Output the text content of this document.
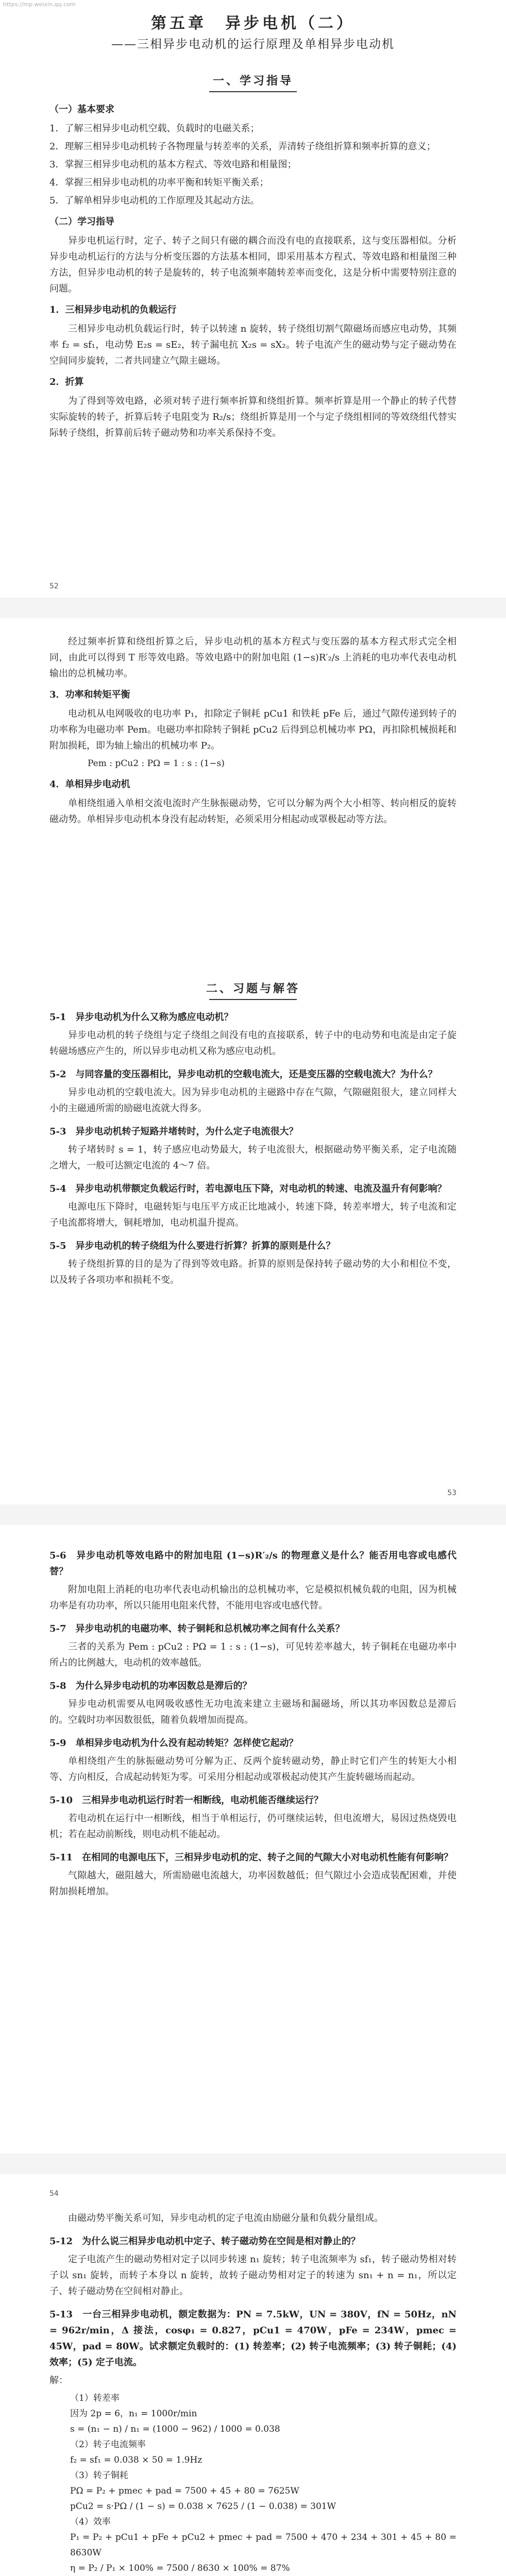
https://mp.weixin.qq.com
第五章　异步电机（二）
——三相异步电动机的运行原理及单相异步电动机
一、学习指导
（一）基本要求

1．了解三相异步电动机空载、负载时的电磁关系；

2．理解三相异步电动机转子各物理量与转差率的关系，弄清转子绕组折算和频率折算的意义；

3．掌握三相异步电动机的基本方程式、等效电路和相量图；

4．掌握三相异步电动机的功率平衡和转矩平衡关系；

5．了解单相异步电动机的工作原理及其起动方法。

（二）学习指导

异步电机运行时，定子、转子之间只有磁的耦合而没有电的直接联系，这与变压器相似。分析异步电动机运行的方法与分析变压器的方法基本相同，即采用基本方程式、等效电路和相量图三种方法，但异步电动机的转子是旋转的，转子电流频率随转差率而变化，这是分析中需要特别注意的问题。

1．三相异步电动机的负载运行

三相异步电动机负载运行时，转子以转速 n 旋转，转子绕组切割气隙磁场而感应电动势，其频率 f₂ = sf₁，电动势 E₂s = sE₂，转子漏电抗 X₂s = sX₂。转子电流产生的磁动势与定子磁动势在空间同步旋转，二者共同建立气隙主磁场。

2．折算

为了得到等效电路，必须对转子进行频率折算和绕组折算。频率折算是用一个静止的转子代替实际旋转的转子，折算后转子电阻变为 R₂/s；绕组折算是用一个与定子绕组相同的等效绕组代替实际转子绕组，折算前后转子磁动势和功率关系保持不变。

52

经过频率折算和绕组折算之后，异步电动机的基本方程式与变压器的基本方程式形式完全相同，由此可以得到 T 形等效电路。等效电路中的附加电阻 (1−s)R′₂/s 上消耗的电功率代表电动机输出的总机械功率。

3．功率和转矩平衡

电动机从电网吸收的电功率 P₁，扣除定子铜耗 pCu1 和铁耗 pFe 后，通过气隙传递到转子的功率称为电磁功率 Pem。电磁功率扣除转子铜耗 pCu2 后得到总机械功率 PΩ，再扣除机械损耗和附加损耗，即为轴上输出的机械功率 P₂。

Pem : pCu2 : PΩ = 1 : s : (1−s)

4．单相异步电动机

单相绕组通入单相交流电流时产生脉振磁动势，它可以分解为两个大小相等、转向相反的旋转磁动势。单相异步电动机本身没有起动转矩，必须采用分相起动或罩极起动等方法。

二、习题与解答

5-1　异步电动机为什么又称为感应电动机？

异步电动机的转子绕组与定子绕组之间没有电的直接联系，转子中的电动势和电流是由定子旋转磁场感应产生的，所以异步电动机又称为感应电动机。

5-2　与同容量的变压器相比，异步电动机的空载电流大，还是变压器的空载电流大？为什么？

异步电动机的空载电流大。因为异步电动机的主磁路中存在气隙，气隙磁阻很大，建立同样大小的主磁通所需的励磁电流就大得多。

5-3　异步电动机转子短路并堵转时，为什么定子电流很大？

转子堵转时 s = 1，转子感应电动势最大，转子电流很大，根据磁动势平衡关系，定子电流随之增大，一般可达额定电流的 4～7 倍。

5-4　异步电动机带额定负载运行时，若电源电压下降，对电动机的转速、电流及温升有何影响？

电源电压下降时，电磁转矩与电压平方成正比地减小，转速下降，转差率增大，转子电流和定子电流都将增大，铜耗增加，电动机温升提高。

5-5　异步电动机的转子绕组为什么要进行折算？折算的原则是什么？

转子绕组折算的目的是为了得到等效电路。折算的原则是保持转子磁动势的大小和相位不变，以及转子各项功率和损耗不变。

53

5-6　异步电动机等效电路中的附加电阻 (1−s)R′₂/s 的物理意义是什么？能否用电容或电感代替？

附加电阻上消耗的电功率代表电动机输出的总机械功率，它是模拟机械负载的电阻，因为机械功率是有功功率，所以只能用电阻来代替，不能用电容或电感代替。

5-7　异步电动机的电磁功率、转子铜耗和总机械功率之间有什么关系？

三者的关系为 Pem : pCu2 : PΩ = 1 : s : (1−s)，可见转差率越大，转子铜耗在电磁功率中所占的比例越大，电动机的效率越低。

5-8　为什么异步电动机的功率因数总是滞后的？

异步电动机需要从电网吸收感性无功电流来建立主磁场和漏磁场，所以其功率因数总是滞后的。空载时功率因数很低，随着负载增加而提高。

5-9　单相异步电动机为什么没有起动转矩？怎样使它起动？

单相绕组产生的脉振磁动势可分解为正、反两个旋转磁动势，静止时它们产生的转矩大小相等、方向相反，合成起动转矩为零。可采用分相起动或罩极起动使其产生旋转磁场而起动。

5-10　三相异步电动机运行时若一相断线，电动机能否继续运行？

若电动机在运行中一相断线，相当于单相运行，仍可继续运转，但电流增大，易因过热烧毁电机；若在起动前断线，则电动机不能起动。

5-11　在相同的电源电压下，三相异步电动机的定、转子之间的气隙大小对电动机性能有何影响？

气隙越大，磁阻越大，所需励磁电流越大，功率因数越低；但气隙过小会造成装配困难，并使附加损耗增加。

54

由磁动势平衡关系可知，异步电动机的定子电流由励磁分量和负载分量组成。

5-12　为什么说三相异步电动机中定子、转子磁动势在空间是相对静止的？

定子电流产生的磁动势相对定子以同步转速 n₁ 旋转；转子电流频率为 sf₁，转子磁动势相对转子以 sn₁ 旋转，而转子本身以 n 旋转，故转子磁动势相对定子的转速为 sn₁ + n = n₁，所以定子、转子磁动势在空间相对静止。

5-13　一台三相异步电动机，额定数据为：PN = 7.5kW，UN = 380V，fN = 50Hz，nN = 962r/min，Δ 接法，cosφ₁ = 0.827，pCu1 = 470W，pFe = 234W，pmec = 45W，pad = 80W。试求额定负载时的：(1) 转差率；(2) 转子电流频率；(3) 转子铜耗；(4) 效率；(5) 定子电流。

解：

（1）转差率
因为 2p = 6，n₁ = 1000r/min
s = (n₁ − n) / n₁ = (1000 − 962) / 1000 = 0.038
（2）转子电流频率
f₂ = sf₁ = 0.038 × 50 = 1.9Hz
（3）转子铜耗
PΩ = P₂ + pmec + pad = 7500 + 45 + 80 = 7625W
pCu2 = s·PΩ / (1 − s) = 0.038 × 7625 / (1 − 0.038) = 301W
（4）效率
P₁ = P₂ + pCu1 + pFe + pCu2 + pmec + pad = 7500 + 470 + 234 + 301 + 45 + 80 = 8630W
η = P₂ / P₁ × 100% = 7500 / 8630 × 100% = 87%
